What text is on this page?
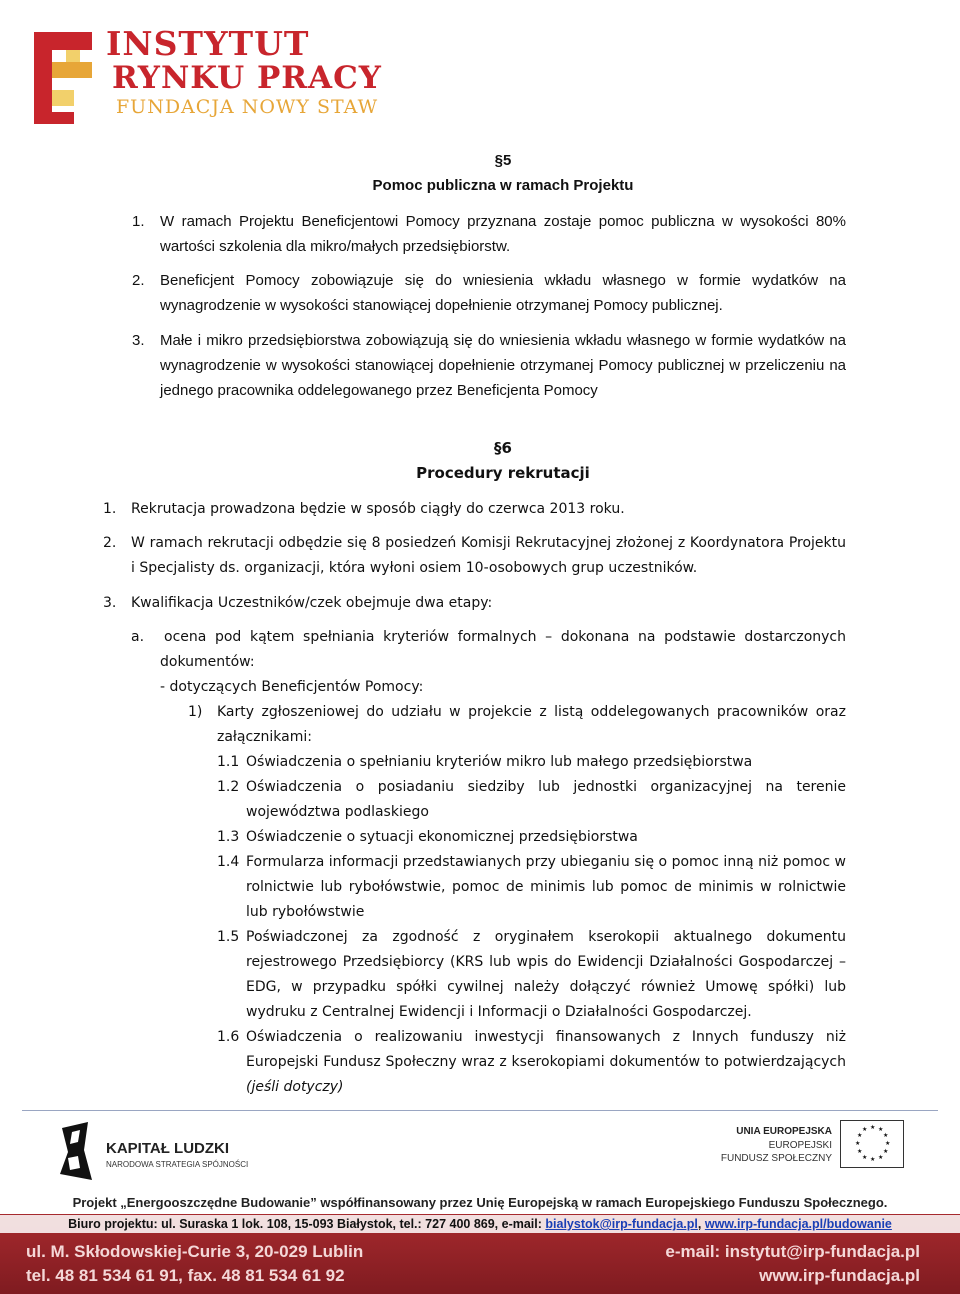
INSTYTUT
RYNKU PRACY
FUNDACJA NOWY STAW
§5
Pomoc publiczna w ramach Projektu
1. W ramach Projektu Beneficjentowi Pomocy przyznana zostaje pomoc publiczna w wysokości 80% wartości szkolenia dla mikro/małych przedsiębiorstw.
2. Beneficjent Pomocy zobowiązuje się do wniesienia wkładu własnego w formie wydatków na wynagrodzenie w wysokości stanowiącej dopełnienie otrzymanej Pomocy publicznej.
3. Małe i mikro przedsiębiorstwa zobowiązują się do wniesienia wkładu własnego w formie wydatków na wynagrodzenie w wysokości stanowiącej dopełnienie otrzymanej Pomocy publicznej w przeliczeniu na jednego pracownika oddelegowanego przez Beneficjenta Pomocy
§6
Procedury rekrutacji
1. Rekrutacja prowadzona będzie w sposób ciągły do czerwca 2013 roku.
2. W ramach rekrutacji odbędzie się 8 posiedzeń Komisji Rekrutacyjnej złożonej z Koordynatora Projektu i Specjalisty ds. organizacji, która wyłoni osiem 10-osobowych grup uczestników.
3. Kwalifikacja Uczestników/czek obejmuje dwa etapy:
a. ocena pod kątem spełniania kryteriów formalnych – dokonana na podstawie dostarczonych dokumentów:
- dotyczących Beneficjentów Pomocy:
1) Karty zgłoszeniowej do udziału w projekcie z listą oddelegowanych pracowników oraz załącznikami:
1.1 Oświadczenia o spełnianiu kryteriów mikro lub małego przedsiębiorstwa
1.2 Oświadczenia o posiadaniu siedziby lub jednostki organizacyjnej na terenie województwa podlaskiego
1.3 Oświadczenie o sytuacji ekonomicznej przedsiębiorstwa
1.4 Formularza informacji przedstawianych przy ubieganiu się o pomoc inną niż pomoc w rolnictwie lub rybołówstwie, pomoc de minimis lub pomoc de minimis w rolnictwie lub rybołówstwie
1.5 Poświadczonej za zgodność z oryginałem kserokopii aktualnego dokumentu rejestrowego Przedsiębiorcy (KRS lub wpis do Ewidencji Działalności Gospodarczej – EDG, w przypadku spółki cywilnej należy dołączyć również Umowę spółki) lub wydruku z Centralnej Ewidencji i Informacji o Działalności Gospodarczej.
1.6 Oświadczenia o realizowaniu inwestycji finansowanych z Innych funduszy niż Europejski Fundusz Społeczny wraz z kserokopiami dokumentów to potwierdzających (jeśli dotyczy)
KAPITAŁ LUDZKI
NARODOWA STRATEGIA SPÓJNOŚCI
UNIA EUROPEJSKA
EUROPEJSKI
FUNDUSZ SPOŁECZNY
★ ★
★
★
★
★
★
★
★
★
★
★
Projekt „Energooszczędne Budowanie” współfinansowany przez Unię Europejską w ramach Europejskiego Funduszu Społecznego.
ul. M. Skłodowskiej-Curie 3, 20-029 Lublin
tel. 48 81 534 61 91, fax. 48 81 534 61 92
e-mail: instytut@irp-fundacja.pl
www.irp-fundacja.pl
Biuro projektu: ul. Suraska 1 lok. 108, 15-093 Białystok, tel.: 727 400 869, e-mail: bialystok@irp-fundacja.pl, www.irp-fundacja.pl/budowanie
